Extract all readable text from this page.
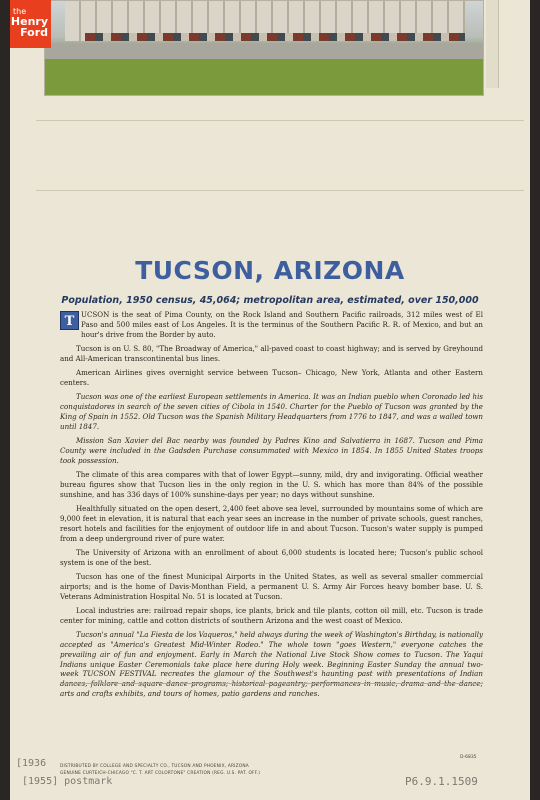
the
Henry
Ford
TUCSON, ARIZONA

Population, 1950 census, 45,064; metropolitan area, estimated, over 150,000

T UCSON is the seat of Pima County, on the Rock Island and Southern Pacific railroads, 312 miles west of El Paso and 500 miles east of Los Angeles. It is the terminus of the Southern Pacific R. R. of Mexico, and but an hour's drive from the Border by auto.

Tucson is on U. S. 80, "The Broadway of America," all-paved coast to coast highway; and is served by Greyhound and All-American transcontinental bus lines.

American Airlines gives overnight service between Tucson– Chicago, New York, Atlanta and other Eastern centers.

Tucson was one of the earliest European settlements in America. It was an Indian pueblo when Coronado led his conquistadores in search of the seven cities of Cibola in 1540. Charter for the Pueblo of Tucson was granted by the King of Spain in 1552. Old Tucson was the Spanish Military Headquarters from 1776 to 1847, and was a walled town until 1847.

Mission San Xavier del Bac nearby was founded by Padres Kino and Salvatierra in 1687. Tucson and Pima County were included in the Gadsden Purchase consummated with Mexico in 1854. In 1855 United States troops took possession.

The climate of this area compares with that of lower Egypt—sunny, mild, dry and invigorating. Official weather bureau figures show that Tucson lies in the only region in the U. S. which has more than 84% of the possible sunshine, and has 336 days of 100% sunshine-days per year; no days without sunshine.

Healthfully situated on the open desert, 2,400 feet above sea level, surrounded by mountains some of which are 9,000 feet in elevation, it is natural that each year sees an increase in the number of private schools, guest ranches, resort hotels and facilities for the enjoyment of outdoor life in and about Tucson. Tucson's water supply is pumped from a deep underground river of pure water.

The University of Arizona with an enrollment of about 6,000 students is located here; Tucson's public school system is one of the best.

Tucson has one of the finest Municipal Airports in the United States, as well as several smaller commercial airports; and is the home of Davis-Monthan Field, a permanent U. S. Army Air Forces heavy bomber base. U. S. Veterans Administration Hospital No. 51 is located at Tucson.

Local industries are: railroad repair shops, ice plants, brick and tile plants, cotton oil mill, etc. Tucson is trade center for mining, cattle and cotton districts of southern Arizona and the west coast of Mexico.

Tucson's annual "La Fiesta de los Vaqueros," held always during the week of Washington's Birthday, is nationally accepted as "America's Greatest Mid-Winter Rodeo." The whole town "goes Western," everyone catches the prevailing air of fun and enjoyment. Early in March the National Live Stock Show comes to Tucson. The Yaqui Indians unique Easter Ceremonials take place here during Holy week. Beginning Easter Sunday the annual two-week TUCSON FESTIVAL recreates the glamour of the Southwest's haunting past with presentations of Indian arts and crafts exhibits, and tours of homes, patio gardens and ranches.

DISTRIBUTED BY COLLEGE AND SPECIALTY CO., TUCSON AND PHOENIX, ARIZONA
GENUINE CURTEICH-CHICAGO "C. T. ART COLORTONE" CREATION (REG. U.S. PAT. OFF.)
D-6835
[1936
[1955] postmark	P6.9.1.1509
